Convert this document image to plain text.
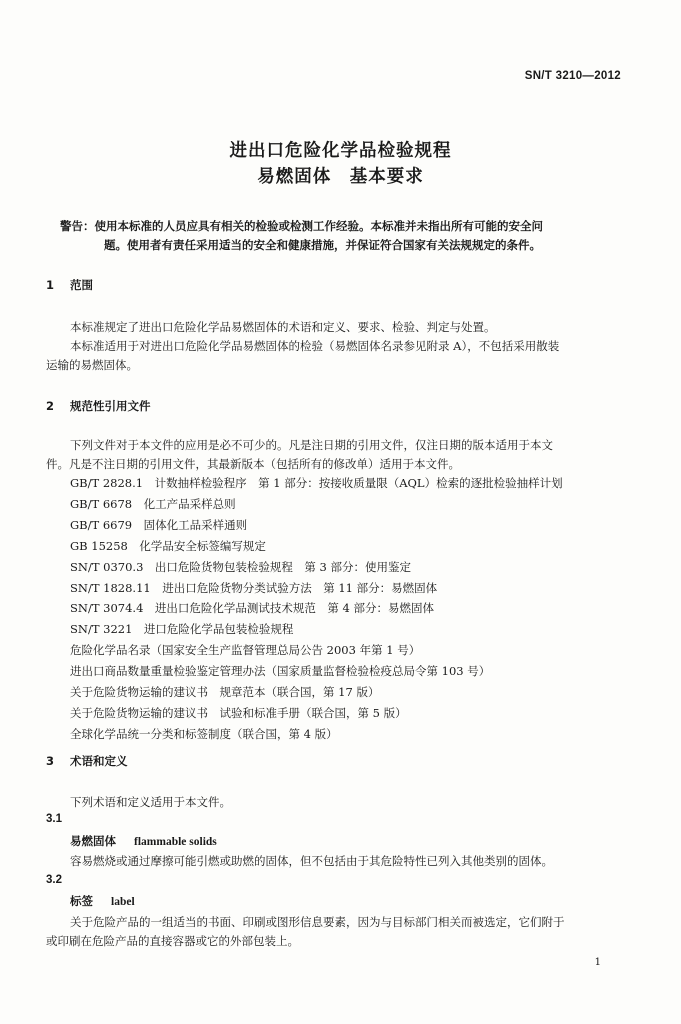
SN/T 3210—2012
进出口危险化学品检验规程
易燃固体　基本要求
警告：使用本标准的人员应具有相关的检验或检测工作经验。本标准并未指出所有可能的安全问
题。使用者有责任采用适当的安全和健康措施，并保证符合国家有关法规规定的条件。
1 范围
本标准规定了进出口危险化学品易燃固体的术语和定义、要求、检验、判定与处置。
本标准适用于对进出口危险化学品易燃固体的检验（易燃固体名录参见附录 A），不包括采用散装
运输的易燃固体。
2 规范性引用文件
下列文件对于本文件的应用是必不可少的。凡是注日期的引用文件，仅注日期的版本适用于本文
件。凡是不注日期的引用文件，其最新版本（包括所有的修改单）适用于本文件。
GB/T 2828.1　计数抽样检验程序　第 1 部分：按接收质量限（AQL）检索的逐批检验抽样计划
GB/T 6678　化工产品采样总则
GB/T 6679　固体化工品采样通则
GB 15258　化学品安全标签编写规定
SN/T 0370.3　出口危险货物包装检验规程　第 3 部分：使用鉴定
SN/T 1828.11　进出口危险货物分类试验方法　第 11 部分：易燃固体
SN/T 3074.4　进出口危险化学品测试技术规范　第 4 部分：易燃固体
SN/T 3221　进口危险化学品包装检验规程
危险化学品名录（国家安全生产监督管理总局公告 2003 年第 1 号）
进出口商品数量重量检验鉴定管理办法（国家质量监督检验检疫总局令第 103 号）
关于危险货物运输的建议书　规章范本（联合国，第 17 版）
关于危险货物运输的建议书　试验和标准手册（联合国，第 5 版）
全球化学品统一分类和标签制度（联合国，第 4 版）
3 术语和定义
下列术语和定义适用于本文件。
3.1
易燃固体 flammable solids
容易燃烧或通过摩擦可能引燃或助燃的固体，但不包括由于其危险特性已列入其他类别的固体。
3.2
标签 label
关于危险产品的一组适当的书面、印刷或图形信息要素，因为与目标部门相关而被选定，它们附于
或印刷在危险产品的直接容器或它的外部包装上。
1
